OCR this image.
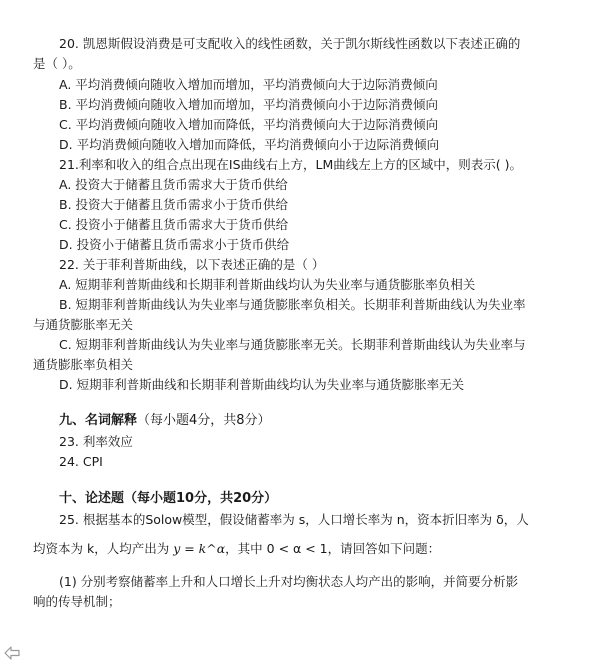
20. 凯恩斯假设消费是可支配收入的线性函数，关于凯尔斯线性函数以下表述正确的
是（ ）。
A. 平均消费倾向随收入增加而增加，平均消费倾向大于边际消费倾向
B. 平均消费倾向随收入增加而增加，平均消费倾向小于边际消费倾向
C. 平均消费倾向随收入增加而降低，平均消费倾向大于边际消费倾向
D. 平均消费倾向随收入增加而降低，平均消费倾向小于边际消费倾向
21.利率和收入的组合点出现在IS曲线右上方，LM曲线左上方的区域中，则表示( )。
A. 投资大于储蓄且货币需求大于货币供给
B. 投资大于储蓄且货币需求小于货币供给
C. 投资小于储蓄且货币需求大于货币供给
D. 投资小于储蓄且货币需求小于货币供给
22. 关于菲利普斯曲线，以下表述正确的是（ ）
A. 短期菲利普斯曲线和长期菲利普斯曲线均认为失业率与通货膨胀率负相关
B. 短期菲利普斯曲线认为失业率与通货膨胀率负相关。长期菲利普斯曲线认为失业率
与通货膨胀率无关
C. 短期菲利普斯曲线认为失业率与通货膨胀率无关。长期菲利普斯曲线认为失业率与
通货膨胀率负相关
D. 短期菲利普斯曲线和长期菲利普斯曲线均认为失业率与通货膨胀率无关
九、名词解释（每小题4分，共8分）
23. 利率效应
24. CPI
十、论述题（每小题10分，共20分）
25. 根据基本的Solow模型，假设储蓄率为 s，人口增长率为 n，资本折旧率为 δ，人
均资本为 k，人均产出为 y = k^α，其中 0 < α < 1，请回答如下问题：
(1) 分别考察储蓄率上升和人口增长上升对均衡状态人均产出的影响，并简要分析影
响的传导机制；
